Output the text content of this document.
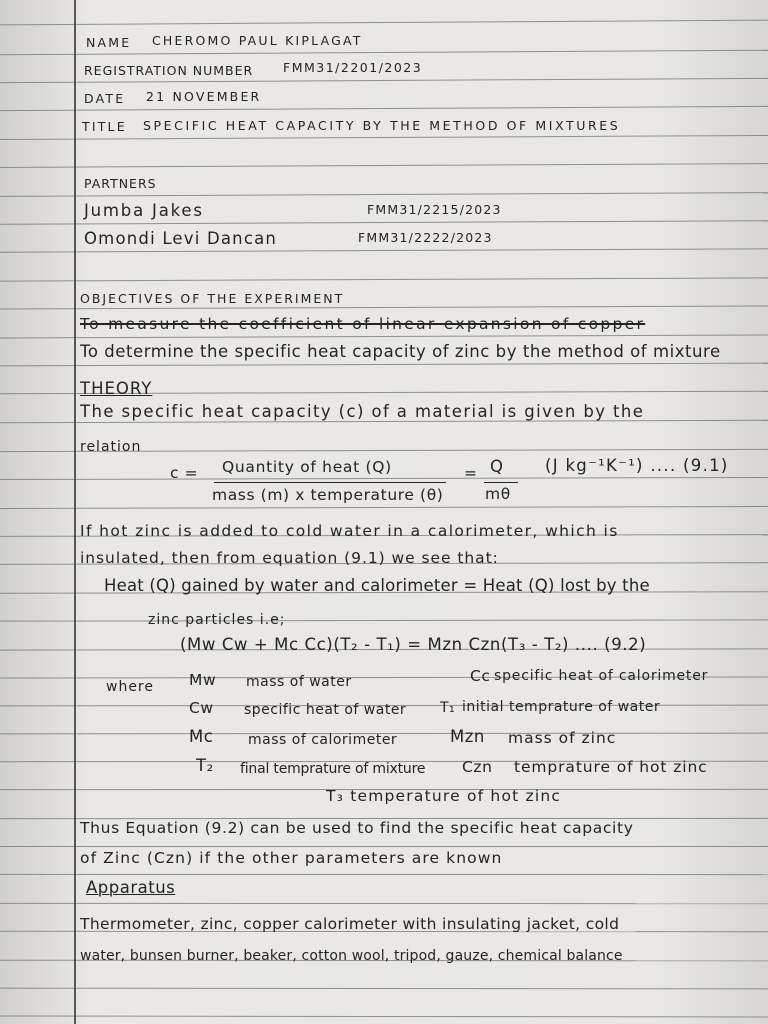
NAME CHEROMO PAUL KIPLAGAT
REGISTRATION NUMBER FMM31/2201/2023
DATE 21 NOVEMBER
TITLE SPECIFIC HEAT CAPACITY BY THE METHOD OF MIXTURES
PARTNERS
Jumba Jakes	FMM31/2215/2023
Omondi Levi Dancan	FMM31/2222/2023
OBJECTIVES OF THE EXPERIMENT
To measure the coefficient of linear expansion of copper
To determine the specific heat capacity of zinc by the method of mixture
THEORY
The specific heat capacity (c) of a material is given by the
relation
c = Quantity of heat (Q)
mass (m) x temperature (θ)
= Q
mθ
(J kg⁻¹K⁻¹) .... (9.1)
If hot zinc is added to cold water in a calorimeter, which is
insulated, then from equation (9.1) we see that:
Heat (Q) gained by water and calorimeter = Heat (Q) lost by the
zinc particles i.e;
(Mw Cw + Mc Cc)(T₂ - T₁) = Mzn Czn(T₃ - T₂) .... (9.2)
where Mw mass of water	Cc specific heat of calorimeter
Cw specific heat of water T₁ initial temprature of water
Mc mass of calorimeter	Mzn mass of zinc
T₂ final temprature of mixture Czn temprature of hot zinc
T₃ temperature of hot zinc
Thus Equation (9.2) can be used to find the specific heat capacity
of Zinc (Czn) if the other parameters are known
Apparatus
Thermometer, zinc, copper calorimeter with insulating jacket, cold
water, bunsen burner, beaker, cotton wool, tripod, gauze, chemical balance
